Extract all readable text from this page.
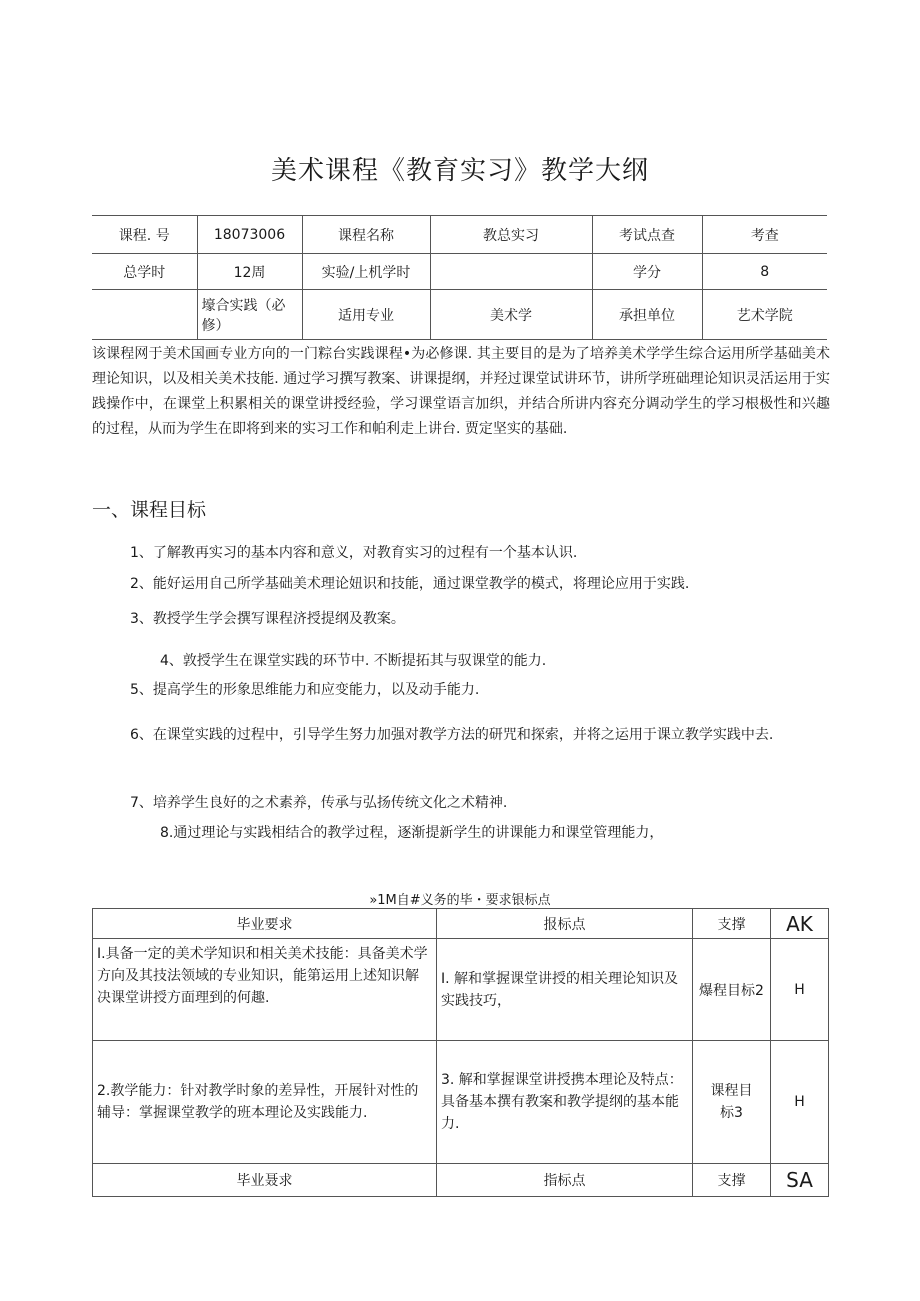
美术课程《教育实习》教学大纲
课程. 号	18073006	课程名称	教总实习	考试点查	考查
总学时	12周	实验/上机学时		学分	8
	壕合实践（必修）	适用专业	美术学	承担单位	艺术学院

该课程网于美术国画专业方向的一门粽台实践课程•为必修课. 其主要目的是为了培养美术学学生综合运用所学基础美术理论知识，以及相关美术技能. 通过学习撰写教案、讲课提纲，并羟过课堂试讲环节，讲所学班础理论知识灵活运用于实践操作中，在课堂上积累相关的课堂讲授经验，学习课堂语言加织，并结合所讲内容充分调动学生的学习根极性和兴趣的过程，从而为学生在即将到来的实习工作和帕利走上讲台. 贾定坚实的基础.

一、课程目标

1、了解教再实习的基本内容和意义，对教育实习的过程有一个基本认识.

2、能好运用自己所学基础美术理论妞识和技能，通过课堂教学的模式，将理论应用于实践.

3、教授学生学会撰写课程济授提纲及教案。

4、敦授学生在课堂实践的环节中. 不断提拓其与驭课堂的能力.

5、提高学生的形象思维能力和应变能力，以及动手能力.

6、在课堂实践的过程中，引导学生努力加强对教学方法的研咒和探索，并将之运用于课立教学实践中去.

7、培养学生良好的之术素养，传承与弘扬传统文化之术精神.

8.通过理论与实践相结合的教学过程，逐渐提新学生的讲课能力和课堂管理能力，

»1M自#义务的毕・要求银标点

毕业要求	报标点	支撑	AK
I.具备一定的美术学知识和相关美术技能：具备美术学方向及其技法领域的专业知识，能第运用上述知识解决课堂讲授方面理到的何趣.	I. 解和掌握课堂讲授的相关理论知识及实践技巧，	爆程目标2	H
2.教学能力：针对教学时象的差异性，开展针对性的辅导：掌握课堂教学的班本理论及实践能力.	3. 解和掌握课堂讲授携本理论及特点：具备基本撰有教案和教学提纲的基本能力.	课程目标3	H
毕业聂求	指标点	支撑	SA
